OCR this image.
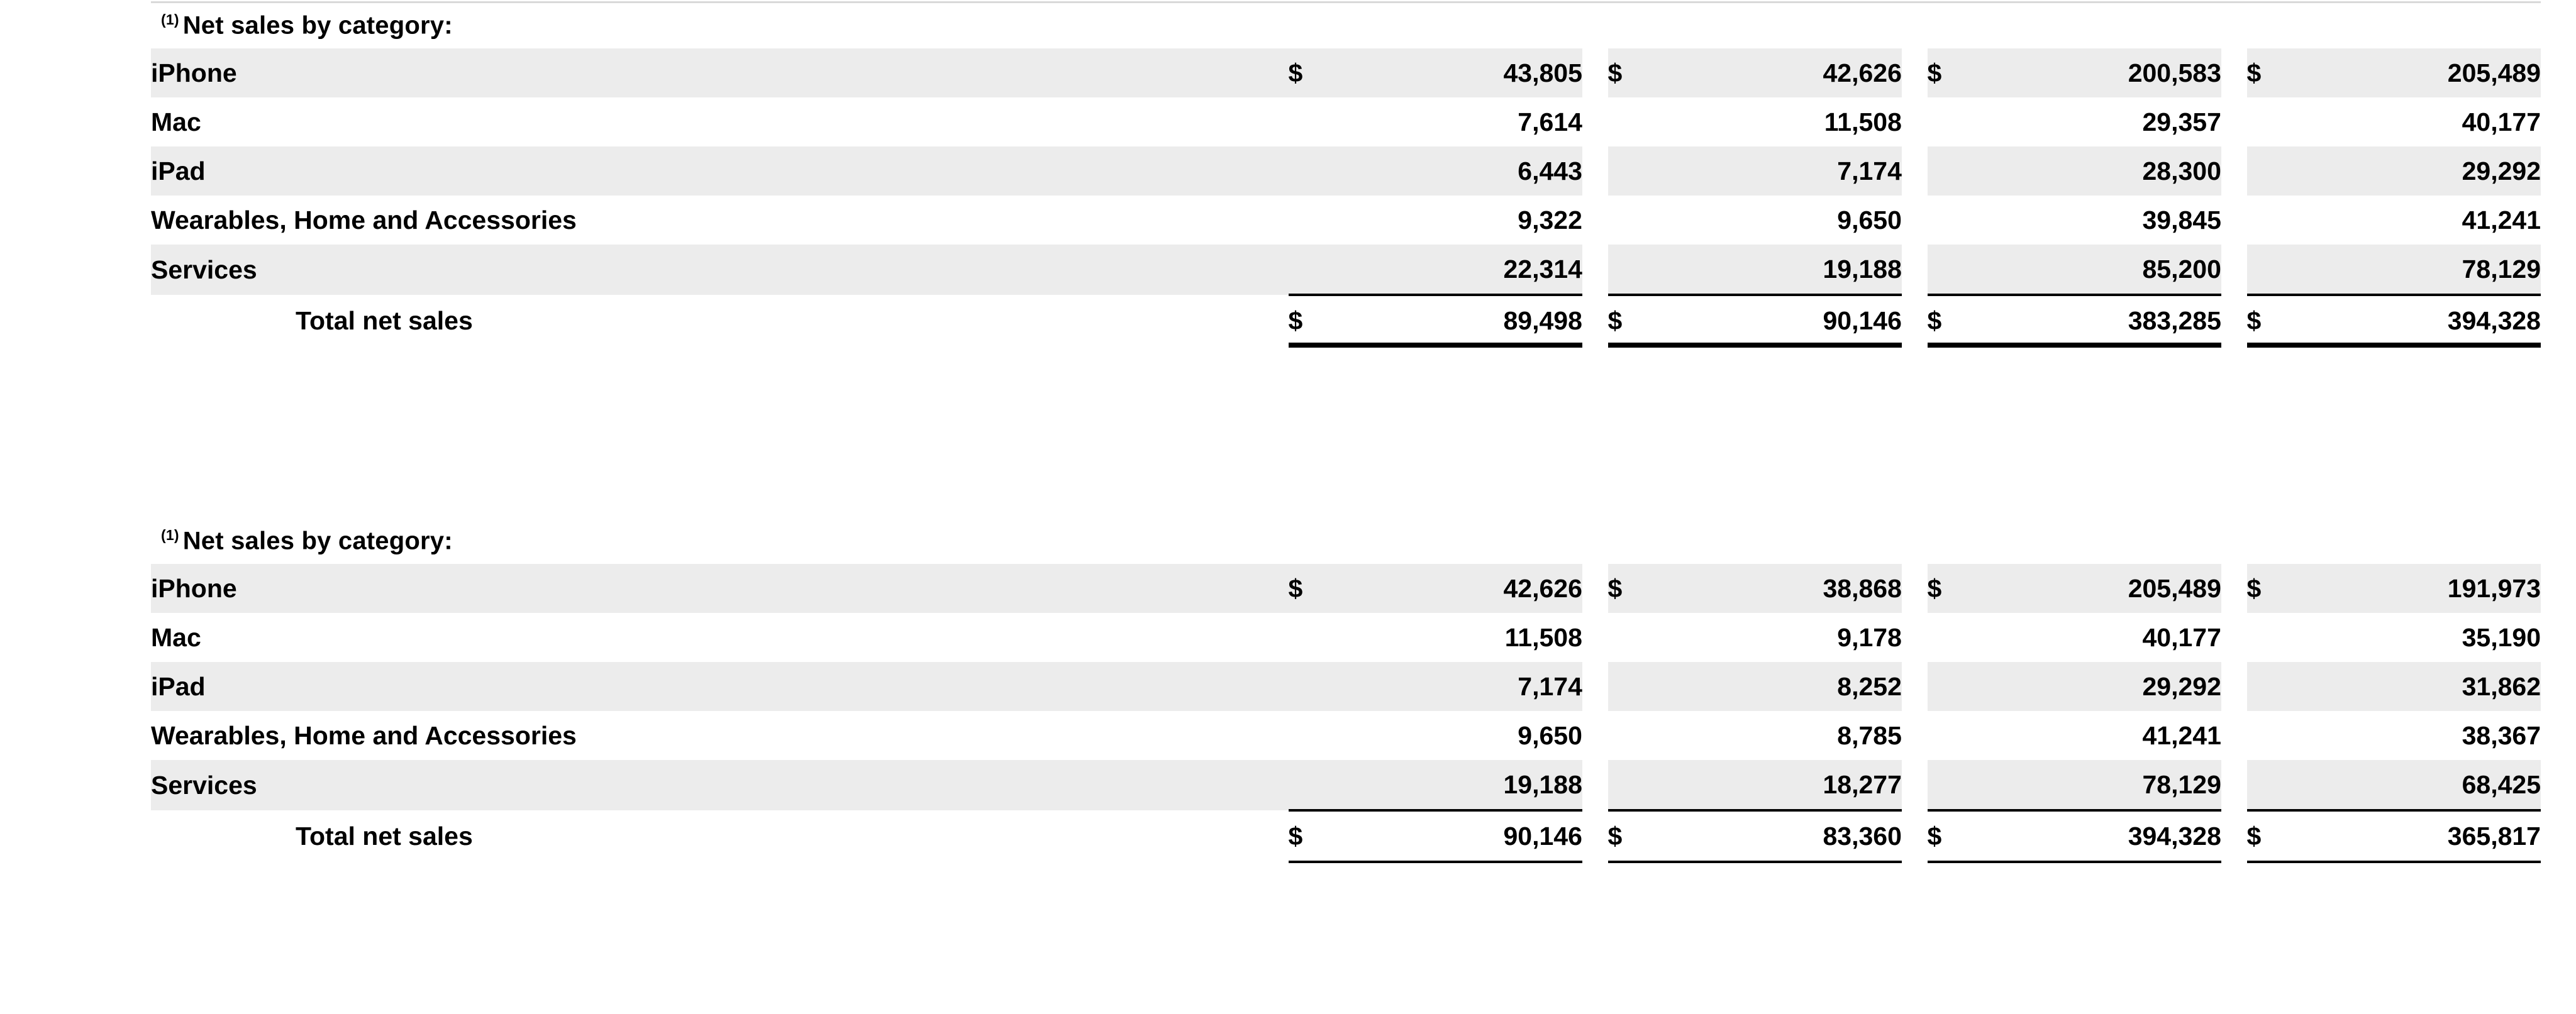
$^{(1)}$ Net sales by category:
iPhone	$	43,805		$	42,626		$	200,583		$	205,489
Mac		7,614			11,508			29,357			40,177
iPad		6,443			7,174			28,300			29,292
Wearables, Home and Accessories		9,322			9,650			39,845			41,241
Services		22,314			19,188			85,200			78,129
Total net sales	$	89,498		$	90,146		$	383,285		$	394,328
$^{(1)}$ Net sales by category:
iPhone	$	42,626		$	38,868		$	205,489		$	191,973
Mac		11,508			9,178			40,177			35,190
iPad		7,174			8,252			29,292			31,862
Wearables, Home and Accessories		9,650			8,785			41,241			38,367
Services		19,188			18,277			78,129			68,425
Total net sales	$	90,146		$	83,360		$	394,328		$	365,817
